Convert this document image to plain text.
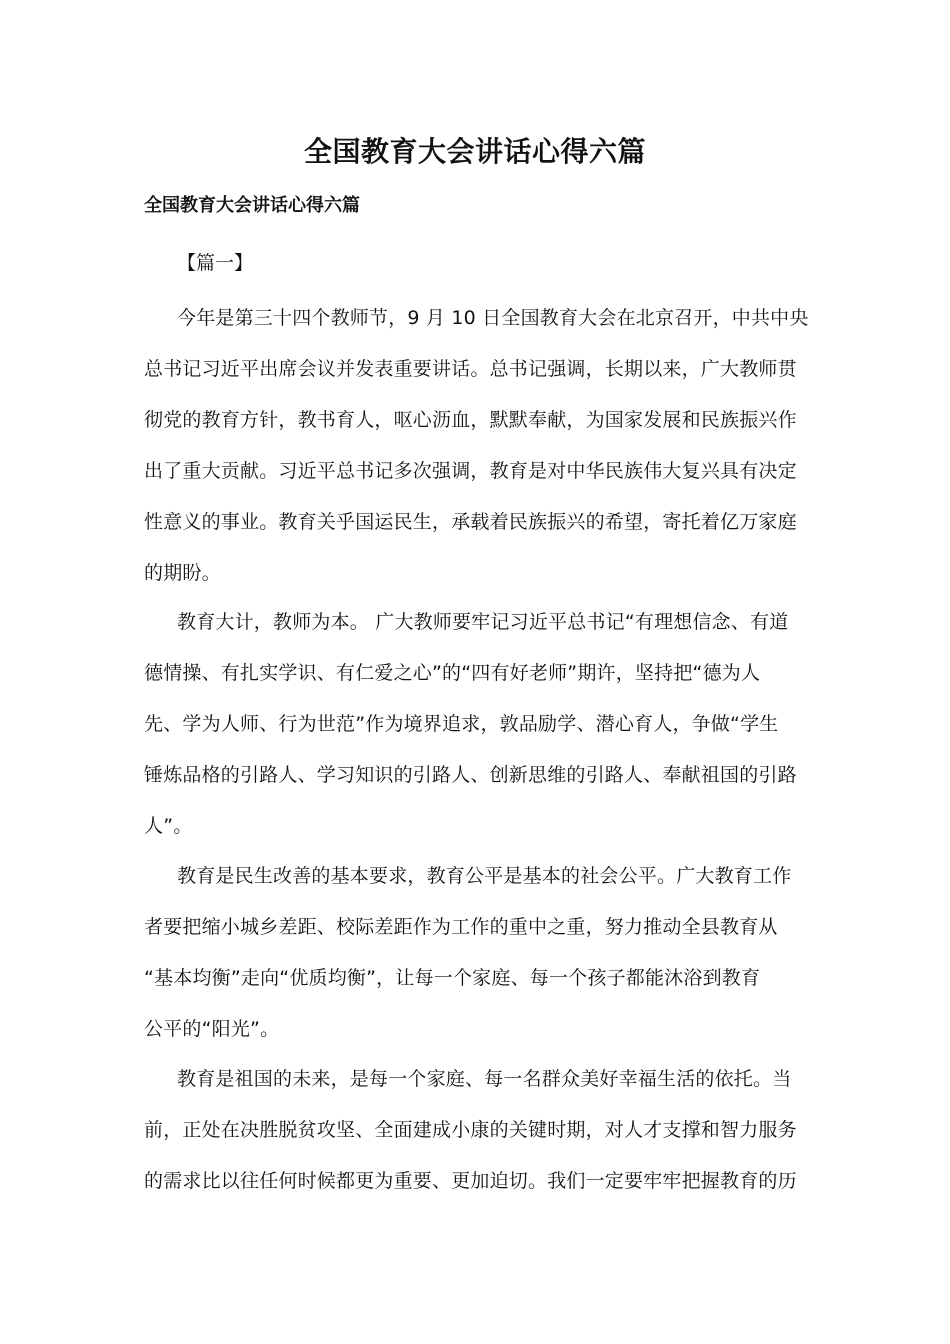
全国教育大会讲话心得六篇
全国教育大会讲话心得六篇
【篇一】

今年是第三十四个教师节，9 月 10 日全国教育大会在北京召开，中共中央
总书记习近平出席会议并发表重要讲话。总书记强调，长期以来，广大教师贯
彻党的教育方针，教书育人，呕心沥血，默默奉献，为国家发展和民族振兴作
出了重大贡献。习近平总书记多次强调，教育是对中华民族伟大复兴具有决定
性意义的事业。教育关乎国运民生，承载着民族振兴的希望，寄托着亿万家庭
的期盼。

教育大计，教师为本。 广大教师要牢记习近平总书记“有理想信念、有道
德情操、有扎实学识、有仁爱之心”的“四有好老师”期许，坚持把“德为人
先、学为人师、行为世范”作为境界追求，敦品励学、潜心育人，争做“学生
锤炼品格的引路人、学习知识的引路人、创新思维的引路人、奉献祖国的引路
人”。

教育是民生改善的基本要求，教育公平是基本的社会公平。广大教育工作
者要把缩小城乡差距、校际差距作为工作的重中之重，努力推动全县教育从
“基本均衡”走向“优质均衡”，让每一个家庭、每一个孩子都能沐浴到教育
公平的“阳光”。

教育是祖国的未来，是每一个家庭、每一名群众美好幸福生活的依托。当
前，正处在决胜脱贫攻坚、全面建成小康的关键时期，对人才支撑和智力服务
的需求比以往任何时候都更为重要、更加迫切。我们一定要牢牢把握教育的历
